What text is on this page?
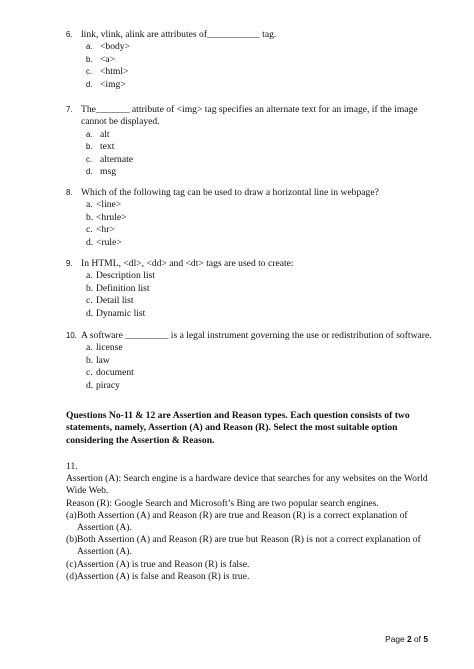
6. link, vlink, alink are attributes of___________ tag.
a. <body>
b. <a>
c. <html>
d. <img>
7. The_______ attribute of <img> tag specifies an alternate text for an image, if the image cannot be displayed.
a. alt
b. text
c. alternate
d. msg
8. Which of the following tag can be used to draw a horizontal line in webpage?
a. <line>
b. <hrule>
c. <hr>
d. <rule>
9. In HTML, <dl>, <dd> and <dt> tags are used to create:
a. Description list
b. Definition list
c. Detail list
d. Dynamic list
10. A software _________ is a legal instrument governing the use or redistribution of software.
a. license
b. law
c. document
d. piracy
Questions No-11 & 12 are Assertion and Reason types. Each question consists of two statements, namely, Assertion (A) and Reason (R). Select the most suitable option considering the Assertion & Reason.

11.

Assertion (A): Search engine is a hardware device that searches for any websites on the World Wide Web.

Reason (R): Google Search and Microsoft’s Bing are two popular search engines.

(a) Both Assertion (A) and Reason (R) are true and Reason (R) is a correct explanation of Assertion (A).
(b) Both Assertion (A) and Reason (R) are true but Reason (R) is not a correct explanation of Assertion (A).
(c) Assertion (A) is true and Reason (R) is false.
(d) Assertion (A) is false and Reason (R) is true.
Page 2 of 5
